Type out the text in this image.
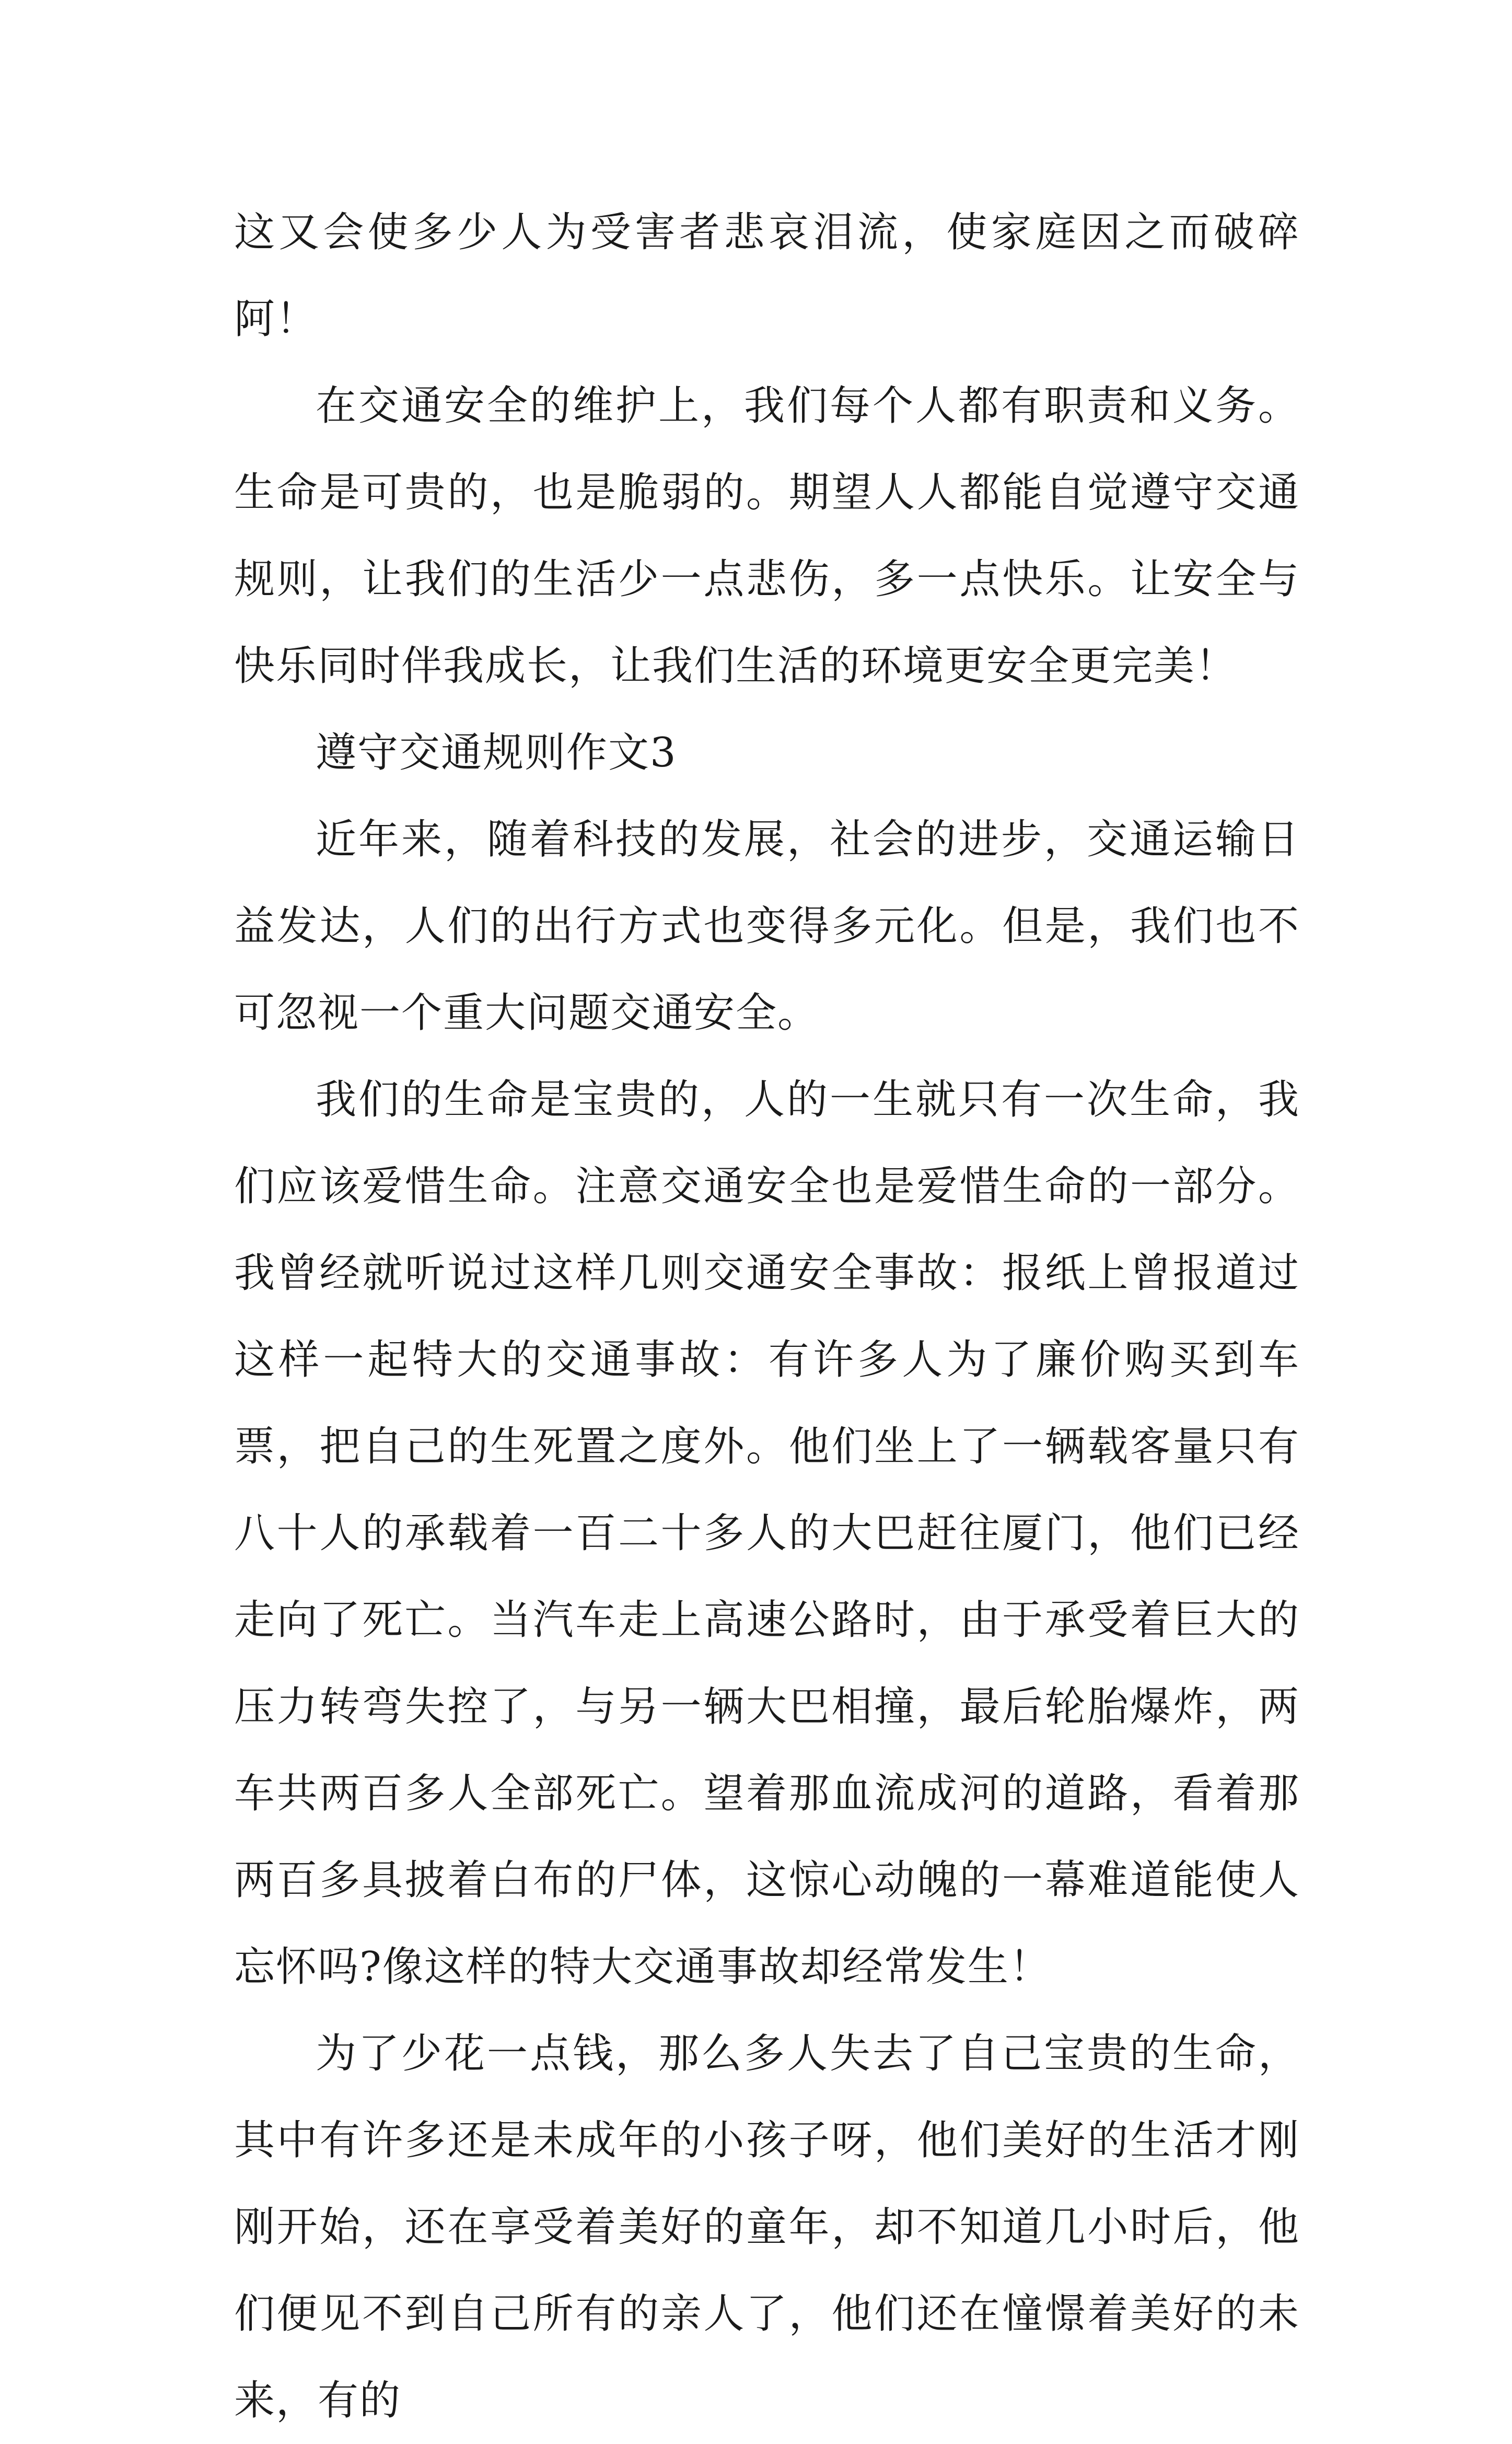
这又会使多少人为受害者悲哀泪流，使家庭因之而破碎阿！

在交通安全的维护上，我们每个人都有职责和义务。生命是可贵的，也是脆弱的。期望人人都能自觉遵守交通规则，让我们的生活少一点悲伤，多一点快乐。让安全与快乐同时伴我成长，让我们生活的环境更安全更完美！

遵守交通规则作文3

近年来，随着科技的发展，社会的进步，交通运输日益发达，人们的出行方式也变得多元化。但是，我们也不可忽视一个重大问题交通安全。

我们的生命是宝贵的，人的一生就只有一次生命，我们应该爱惜生命。注意交通安全也是爱惜生命的一部分。我曾经就听说过这样几则交通安全事故：报纸上曾报道过这样一起特大的交通事故：有许多人为了廉价购买到车票，把自己的生死置之度外。他们坐上了一辆载客量只有八十人的承载着一百二十多人的大巴赶往厦门，他们已经走向了死亡。当汽车走上高速公路时，由于承受着巨大的压力转弯失控了，与另一辆大巴相撞，最后轮胎爆炸，两车共两百多人全部死亡。望着那血流成河的道路，看着那两百多具披着白布的尸体，这惊心动魄的一幕难道能使人忘怀吗?像这样的特大交通事故却经常发生！

为了少花一点钱，那么多人失去了自己宝贵的生命，其中有许多还是未成年的小孩子呀，他们美好的生活才刚刚开始，还在享受着美好的童年，却不知道几小时后，他们便见不到自己所有的亲人了，他们还在憧憬着美好的未来，有的
